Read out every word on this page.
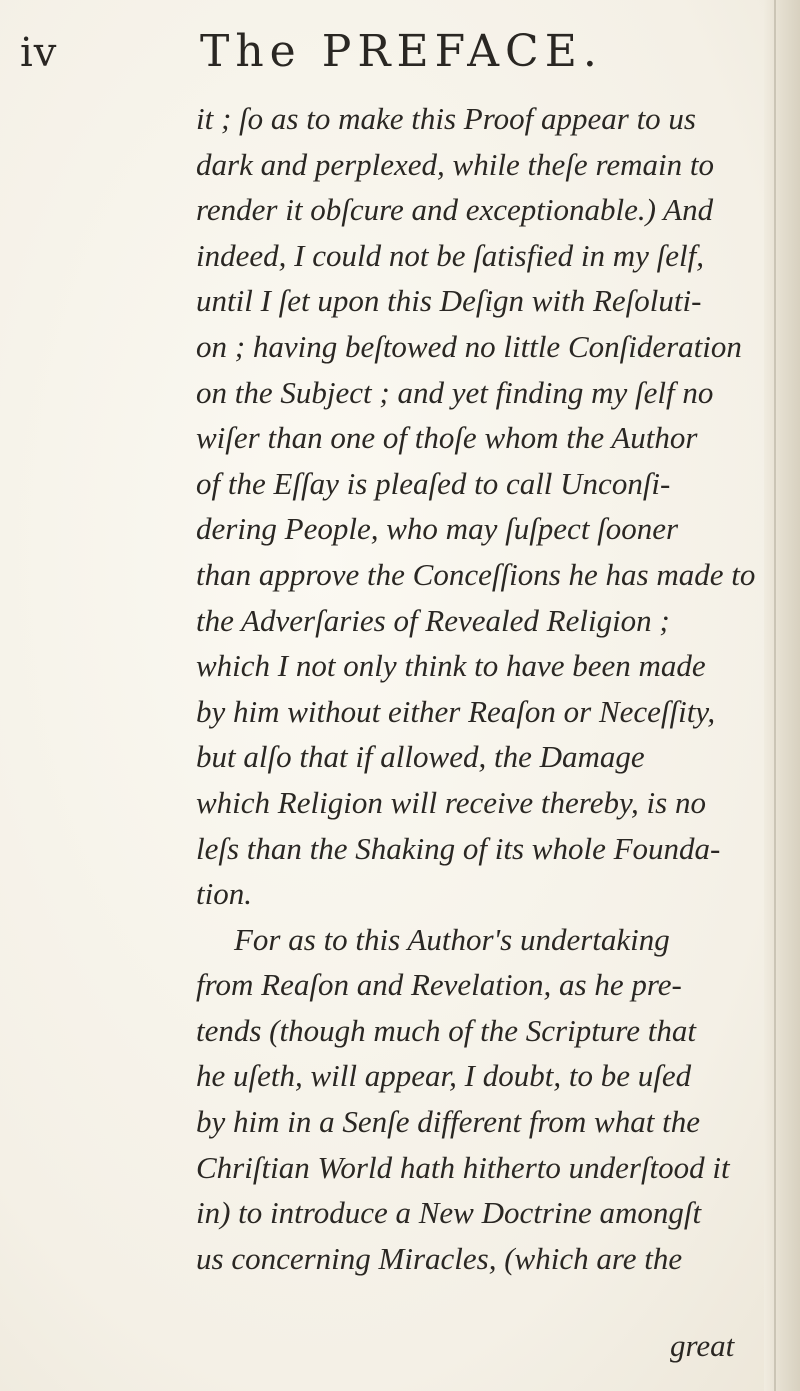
iv	The PREFACE.
it ; ſo as to make this Proof appear to us
dark and perplexed, while theſe remain to
render it obſcure and exceptionable.) And
indeed, I could not be ſatisfied in my ſelf,
until I ſet upon this Deſign with Reſoluti-
on ; having beſtowed no little Conſideration
on the Subject ; and yet finding my ſelf no
wiſer than one of thoſe whom the Author
of the Eſſay is pleaſed to call Unconſi-
dering People, who may ſuſpect ſooner
than approve the Conceſſions he has made to
the Adverſaries of Revealed Religion ;
which I not only think to have been made
by him without either Reaſon or Neceſſity,
but alſo that if allowed, the Damage
which Religion will receive thereby, is no
leſs than the Shaking of its whole Founda-
tion.
For as to this Author's undertaking
from Reaſon and Revelation, as he pre-
tends (though much of the Scripture that
he uſeth, will appear, I doubt, to be uſed
by him in a Senſe different from what the
Chriſtian World hath hitherto underſtood it
in) to introduce a New Doctrine amongſt
us concerning Miracles, (which are the
great
